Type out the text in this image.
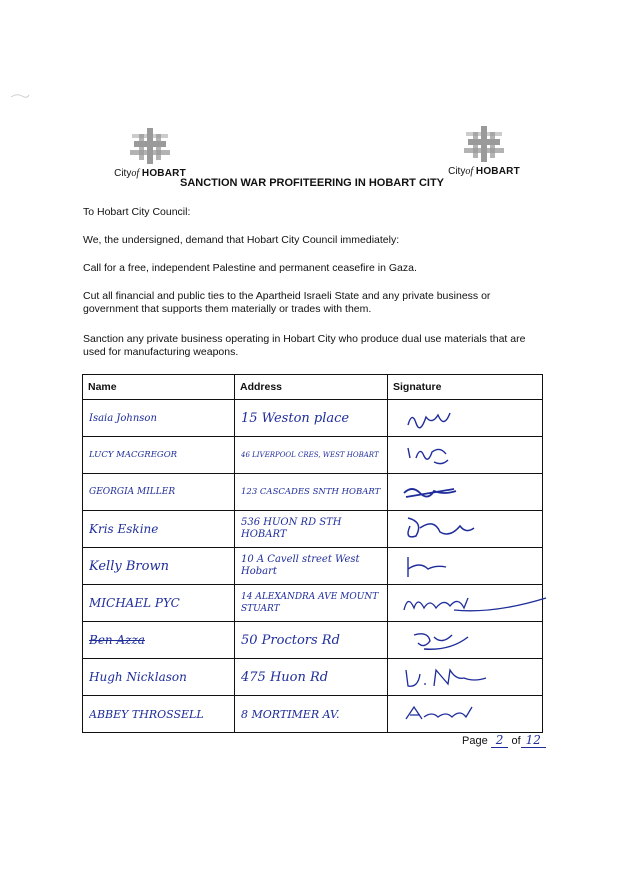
Cityof HOBART	Cityof HOBART
SANCTION WAR PROFITEERING IN HOBART CITY
To Hobart City Council:
We, the undersigned, demand that Hobart City Council immediately:
Call for a free, independent Palestine and permanent ceasefire in Gaza.
Cut all financial and public ties to the Apartheid Israeli State and any private business or government that supports them materially or trades with them.
Sanction any private business operating in Hobart City who produce dual use materials that are used for manufacturing weapons.
Name	Address	Signature

Isaia Johnson	15 Weston place

LUCY MACGREGOR	46 LIVERPOOL CRES, WEST HOBART

GEORGIA MILLER	123 CASCADES SNTH HOBART

Kris Eskine	536 HUON RD STH HOBART

Kelly Brown	10 A Cavell street West Hobart

MICHAEL PYC	14 ALEXANDRA AVE MOUNT STUART

Ben Azza	50 Proctors Rd

Hugh Nicklason	475 Huon Rd

ABBEY THROSSELL	8 MORTIMER AV.

Page 2 of 12
